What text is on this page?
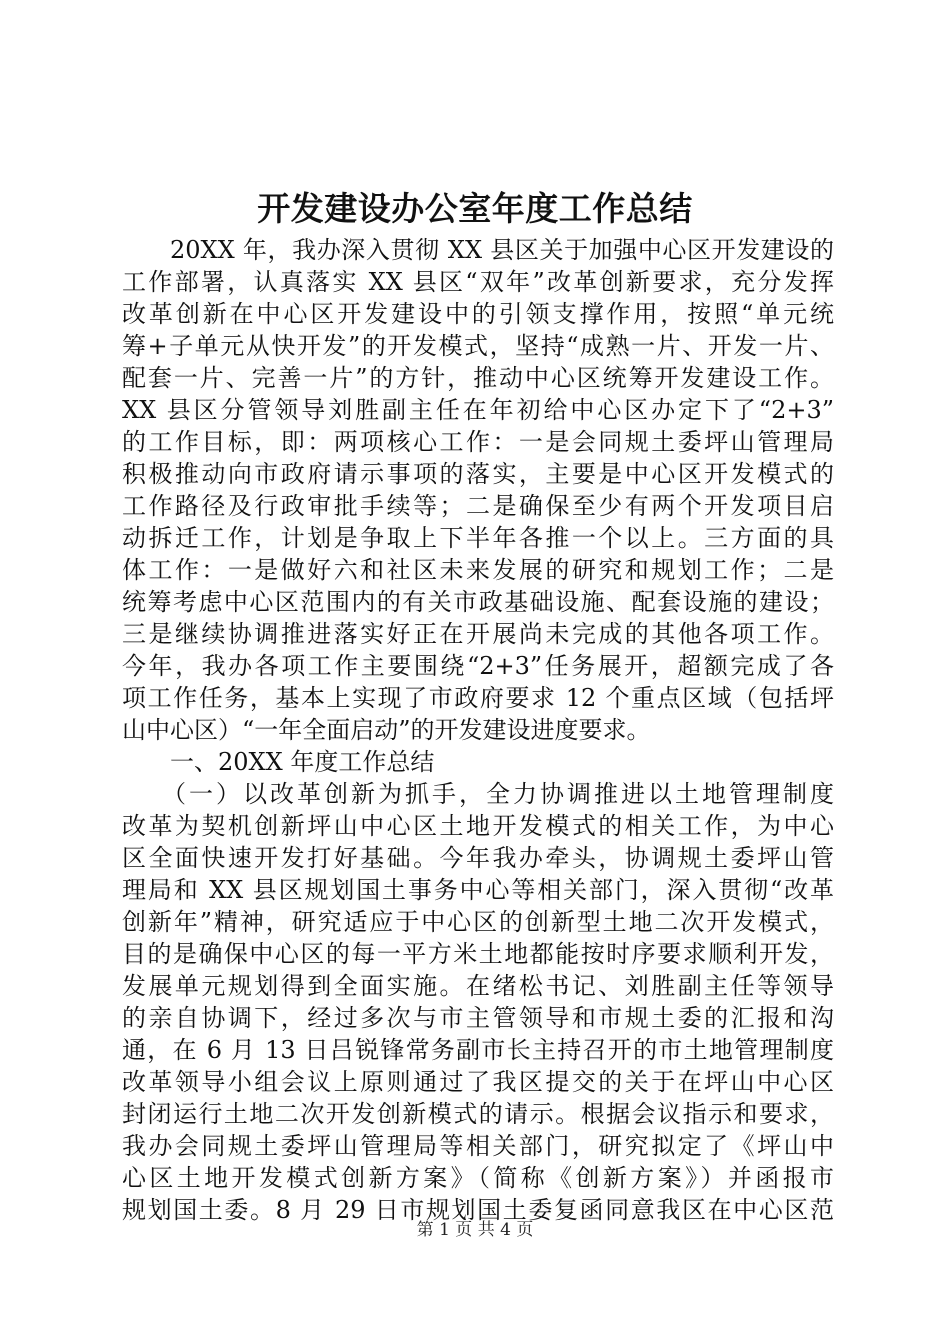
开发建设办公室年度工作总结
20XX 年，我办深入贯彻 XX 县区关于加强中心区开发建设的
工作部署，认真落实 XX 县区“双年”改革创新要求，充分发挥
改革创新在中心区开发建设中的引领支撑作用，按照“单元统
筹+子单元从快开发”的开发模式，坚持“成熟一片、开发一片、
配套一片、完善一片”的方针，推动中心区统筹开发建设工作。
XX 县区分管领导刘胜副主任在年初给中心区办定下了“2+3”
的工作目标，即：两项核心工作：一是会同规土委坪山管理局
积极推动向市政府请示事项的落实，主要是中心区开发模式的
工作路径及行政审批手续等；二是确保至少有两个开发项目启
动拆迁工作，计划是争取上下半年各推一个以上。三方面的具
体工作：一是做好六和社区未来发展的研究和规划工作；二是
统筹考虑中心区范围内的有关市政基础设施、配套设施的建设；
三是继续协调推进落实好正在开展尚未完成的其他各项工作。
今年，我办各项工作主要围绕“2+3”任务展开，超额完成了各
项工作任务，基本上实现了市政府要求 12 个重点区域（包括坪
山中心区）“一年全面启动”的开发建设进度要求。
一、20XX 年度工作总结
（一）以改革创新为抓手，全力协调推进以土地管理制度
改革为契机创新坪山中心区土地开发模式的相关工作，为中心
区全面快速开发打好基础。今年我办牵头，协调规土委坪山管
理局和 XX 县区规划国土事务中心等相关部门，深入贯彻“改革
创新年”精神，研究适应于中心区的创新型土地二次开发模式，
目的是确保中心区的每一平方米土地都能按时序要求顺利开发，
发展单元规划得到全面实施。在绪松书记、刘胜副主任等领导
的亲自协调下，经过多次与市主管领导和市规土委的汇报和沟
通，在 6 月 13 日吕锐锋常务副市长主持召开的市土地管理制度
改革领导小组会议上原则通过了我区提交的关于在坪山中心区
封闭运行土地二次开发创新模式的请示。根据会议指示和要求，
我办会同规土委坪山管理局等相关部门，研究拟定了《坪山中
心区土地开发模式创新方案》（简称《创新方案》）并函报市
规划国土委。8 月 29 日市规划国土委复函同意我区在中心区范
第 1 页 共 4 页
